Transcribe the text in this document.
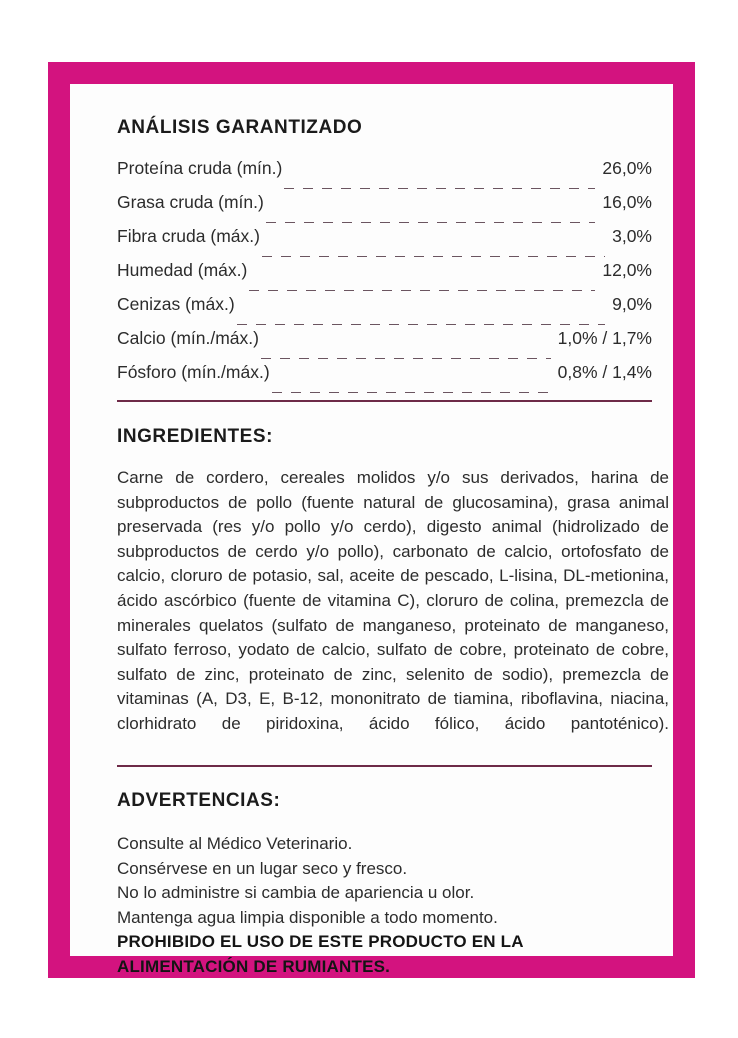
ANÁLISIS GARANTIZADO
Proteína cruda (mín.)	26,0%
Grasa cruda (mín.)	16,0%
Fibra cruda (máx.)	3,0%
Humedad (máx.)	12,0%
Cenizas (máx.)	9,0%
Calcio (mín./máx.)	1,0% / 1,7%
Fósforo (mín./máx.)	0,8% / 1,4%
INGREDIENTES:
Carne de cordero, cereales molidos y/o sus derivados, harina de subproductos de pollo (fuente natural de glucosamina), grasa animal preservada (res y/o pollo y/o cerdo), digesto animal (hidrolizado de subproductos de cerdo y/o pollo), carbonato de calcio, ortofosfato de calcio, cloruro de potasio, sal, aceite de pescado, L-lisina, DL-metionina, ácido ascórbico (fuente de vitamina C), cloruro de colina, premezcla de minerales quelatos (sulfato de manganeso, proteinato de manganeso, sulfato ferroso, yodato de calcio, sulfato de cobre, proteinato de cobre, sulfato de zinc, proteinato de zinc, selenito de sodio), premezcla de vitaminas (A, D3, E, B-12, mononitrato de tiamina, riboflavina, niacina, clorhidrato de piridoxina, ácido fólico, ácido pantoténico).
ADVERTENCIAS:
Consulte al Médico Veterinario.
Consérvese en un lugar seco y fresco.
No lo administre si cambia de apariencia u olor.
Mantenga agua limpia disponible a todo momento.
PROHIBIDO EL USO DE ESTE PRODUCTO EN LA
ALIMENTACIÓN DE RUMIANTES.
